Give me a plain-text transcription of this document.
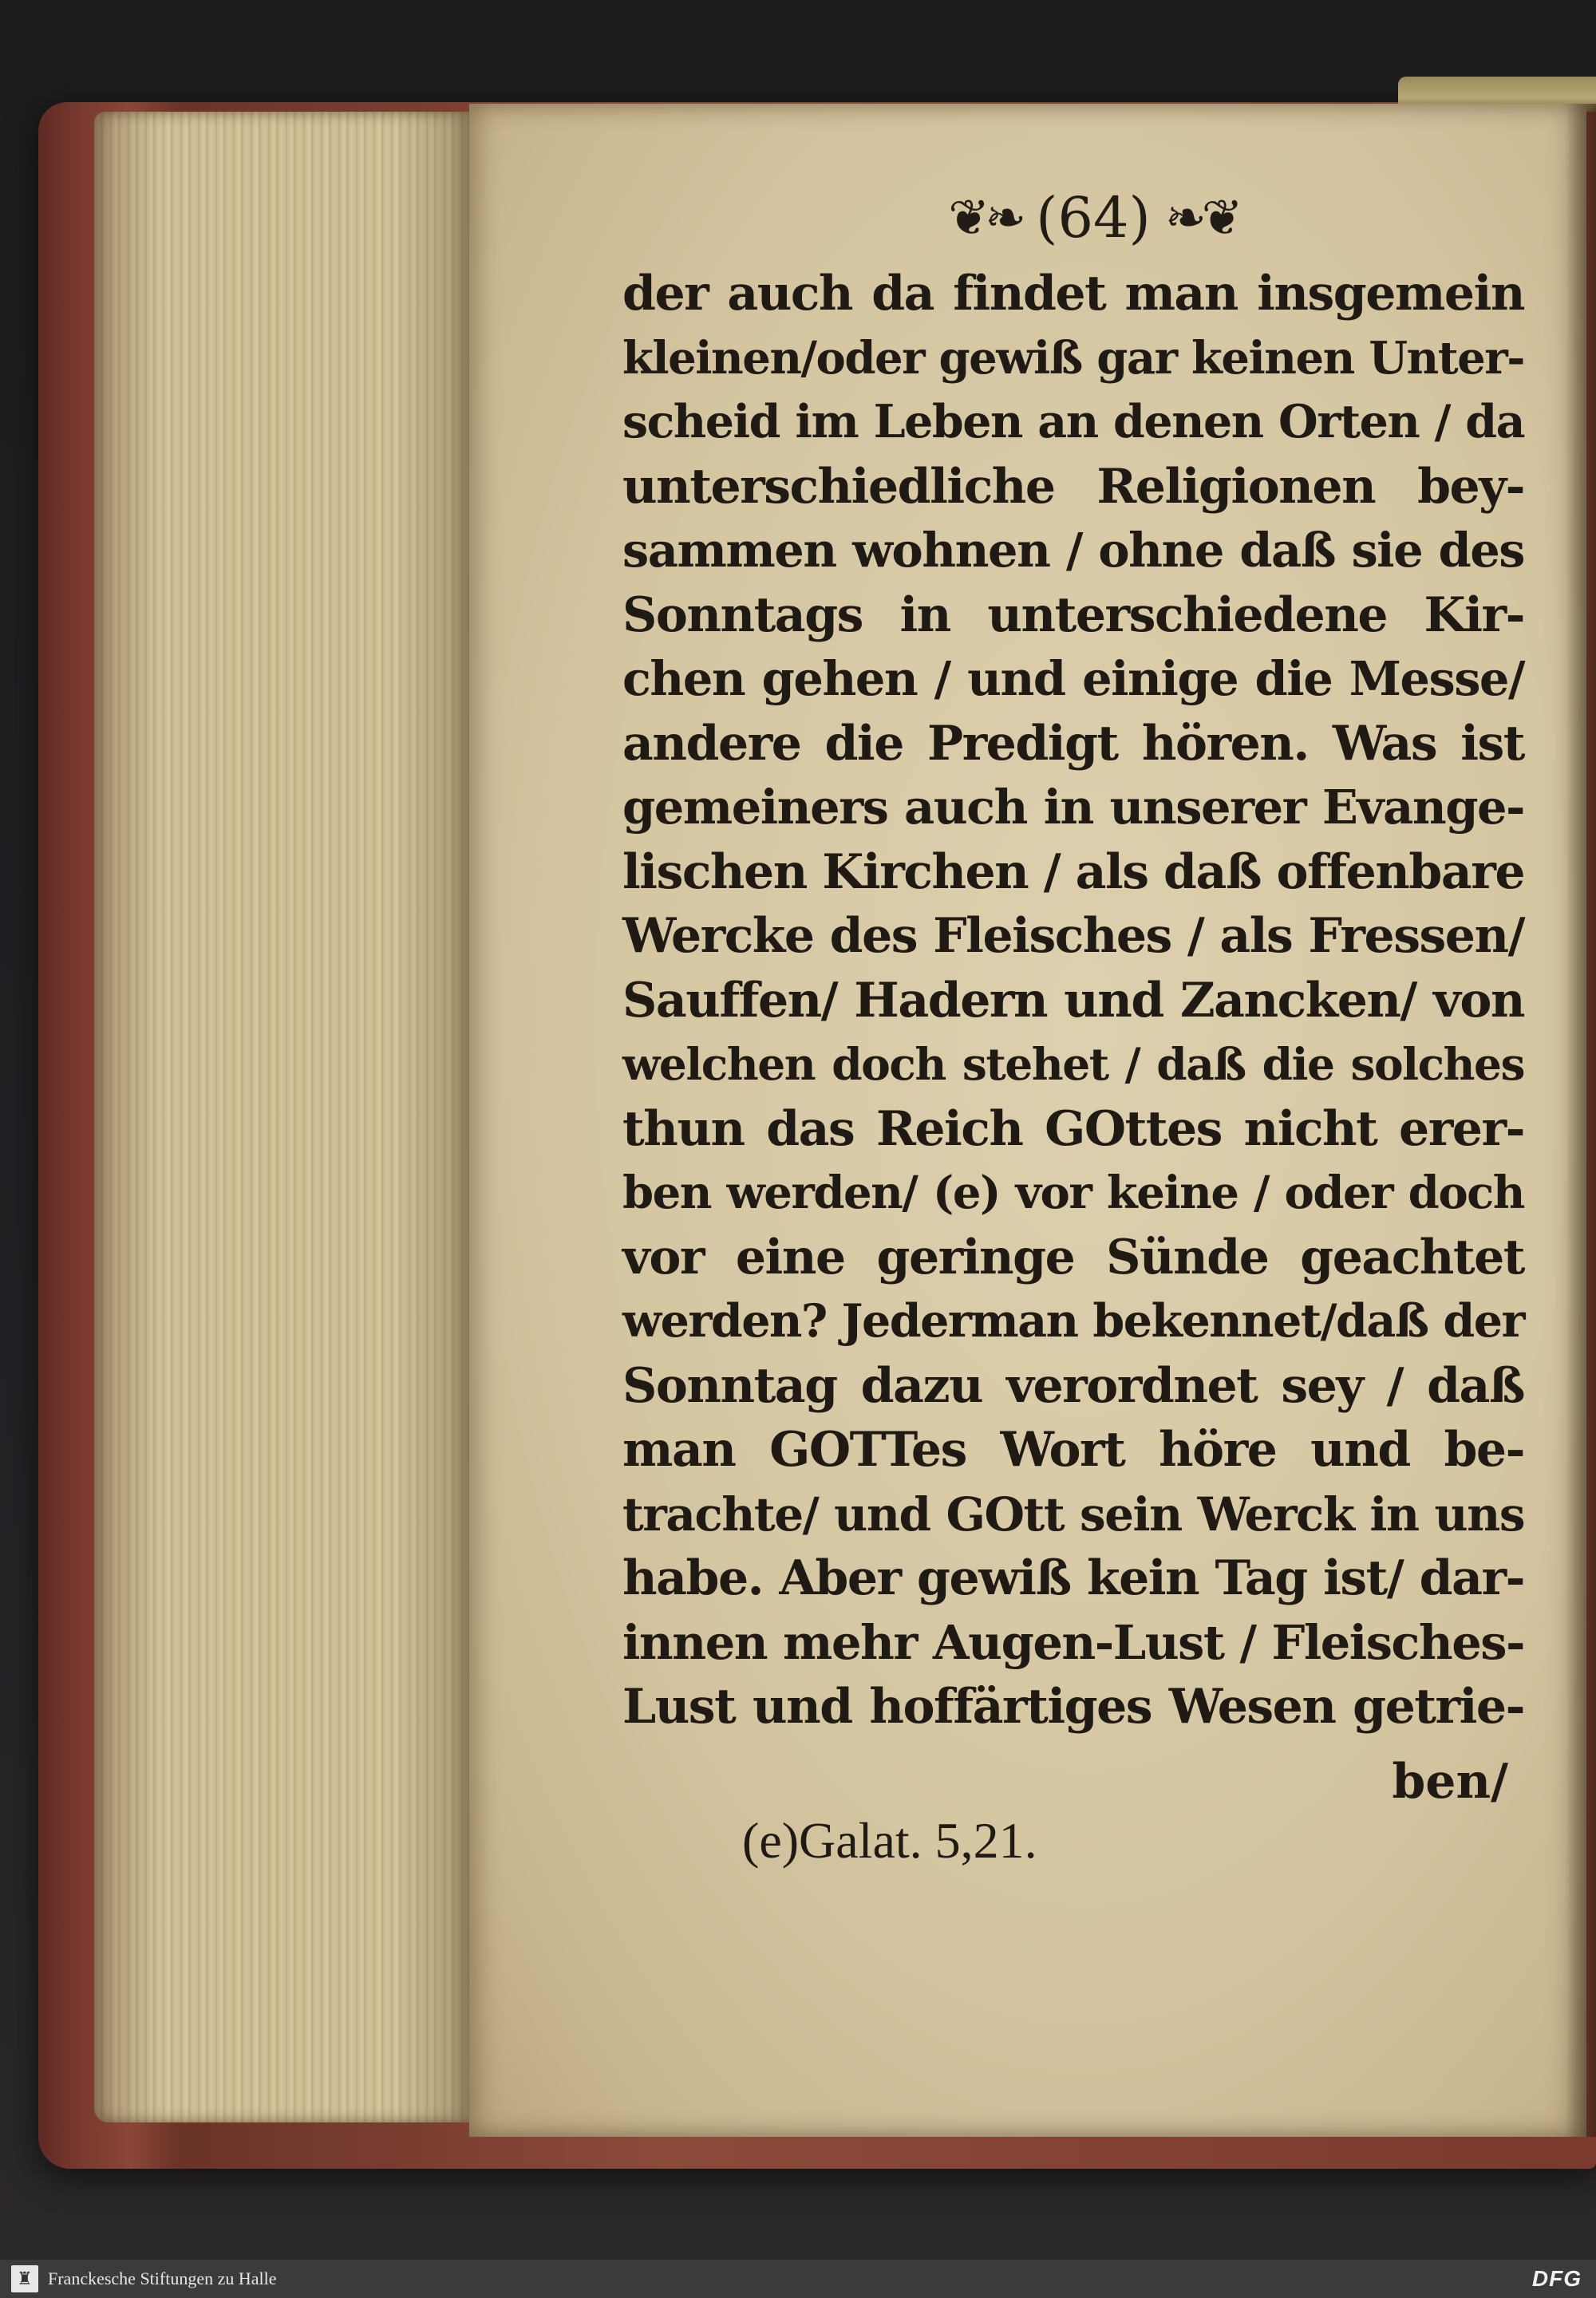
❦❧ (64) ❧❦
der auch da findet man insgemein
kleinen/oder gewiß gar keinen Unter-
scheid im Leben an denen Orten / da
unterschiedliche Religionen bey-
sammen wohnen / ohne daß sie des
Sonntags in unterschiedene Kir-
chen gehen / und einige die Messe/
andere die Predigt hören. Was ist
gemeiners auch in unserer Evange-
lischen Kirchen / als daß offenbare
Wercke des Fleisches / als Fressen/
Sauffen/ Hadern und Zancken/ von
welchen doch stehet / daß die solches
thun das Reich GOttes nicht erer-
ben werden/ (e) vor keine / oder doch
vor eine geringe Sünde geachtet
werden? Jederman bekennet/daß der
Sonntag dazu verordnet sey / daß
man GOTTes Wort höre und be-
trachte/ und GOtt sein Werck in uns
habe. Aber gewiß kein Tag ist/ dar-
innen mehr Augen-Lust / Fleisches-
Lust und hoffärtiges Wesen getrie-
ben/
(e)Galat. 5,21.
♜ Franckesche Stiftungen zu Halle	DFG
